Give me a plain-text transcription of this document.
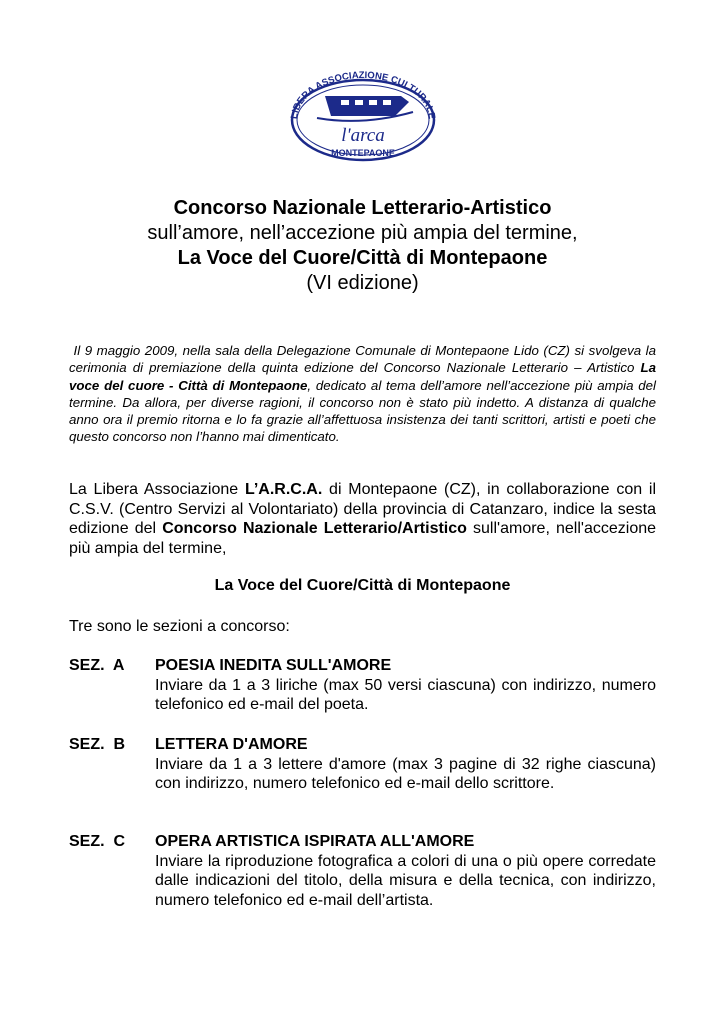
LIBERA ASSOCIAZIONE CULTURALE
l'arca
MONTEPAONE
Concorso Nazionale Letterario-Artistico
sull’amore, nell’accezione più ampia del termine,
La Voce del Cuore/Città di Montepaone
(VI edizione)
Il 9 maggio 2009, nella sala della Delegazione Comunale di Montepaone Lido (CZ) si svolgeva la cerimonia di premiazione della quinta edizione del Concorso Nazionale Letterario – Artistico La voce del cuore - Città di Montepaone, dedicato al tema dell’amore nell’accezione più ampia del termine. Da allora, per diverse ragioni, il concorso non è stato più indetto. A distanza di qualche anno ora il premio ritorna e lo fa grazie all’affettuosa insistenza dei tanti scrittori, artisti e poeti che questo concorso non l’hanno mai dimenticato.
La Libera Associazione L’A.R.C.A. di Montepaone (CZ), in collaborazione con il C.S.V. (Centro Servizi al Volontariato) della provincia di Catanzaro, indice la sesta edizione del Concorso Nazionale Letterario/Artistico sull'amore, nell'accezione più ampia del termine,
La Voce del Cuore/Città di Montepaone
Tre sono le sezioni a concorso:
SEZ.  A POESIA INEDITA SULL'AMORE
Inviare da 1 a 3 liriche (max 50 versi ciascuna) con indirizzo, numero telefonico ed e-mail del poeta.
SEZ.  B LETTERA D'AMORE
Inviare da 1 a 3 lettere d'amore (max 3 pagine di 32 righe ciascuna) con indirizzo, numero telefonico ed e-mail dello scrittore.
SEZ.  C OPERA ARTISTICA ISPIRATA ALL'AMORE
Inviare la riproduzione fotografica a colori di una o più opere corredate dalle indicazioni del titolo, della misura e della tecnica, con indirizzo, numero telefonico ed e-mail dell’artista.
